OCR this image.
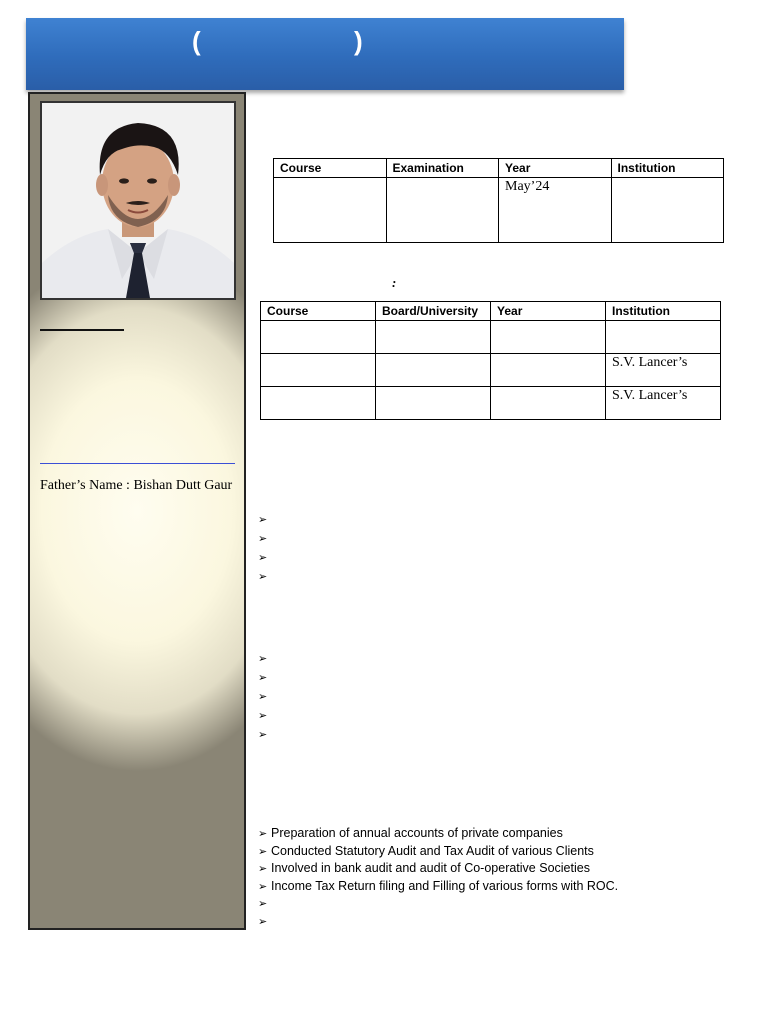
(	)
Father’s Name : Bishan Dutt Gaur
Course	Examination	Year	Institution
		May’24	
:
Course	Board/University	Year	Institution

			S.V. Lancer’s
			S.V. Lancer’s
➢
➢
➢
➢
➢
➢
➢
➢
➢
➢ Preparation of annual accounts of private companies
➢ Conducted Statutory Audit and Tax Audit of various Clients
➢ Involved in bank audit and audit of Co-operative Societies
➢ Income Tax Return filing and Filling of various forms with ROC.
➢
➢
